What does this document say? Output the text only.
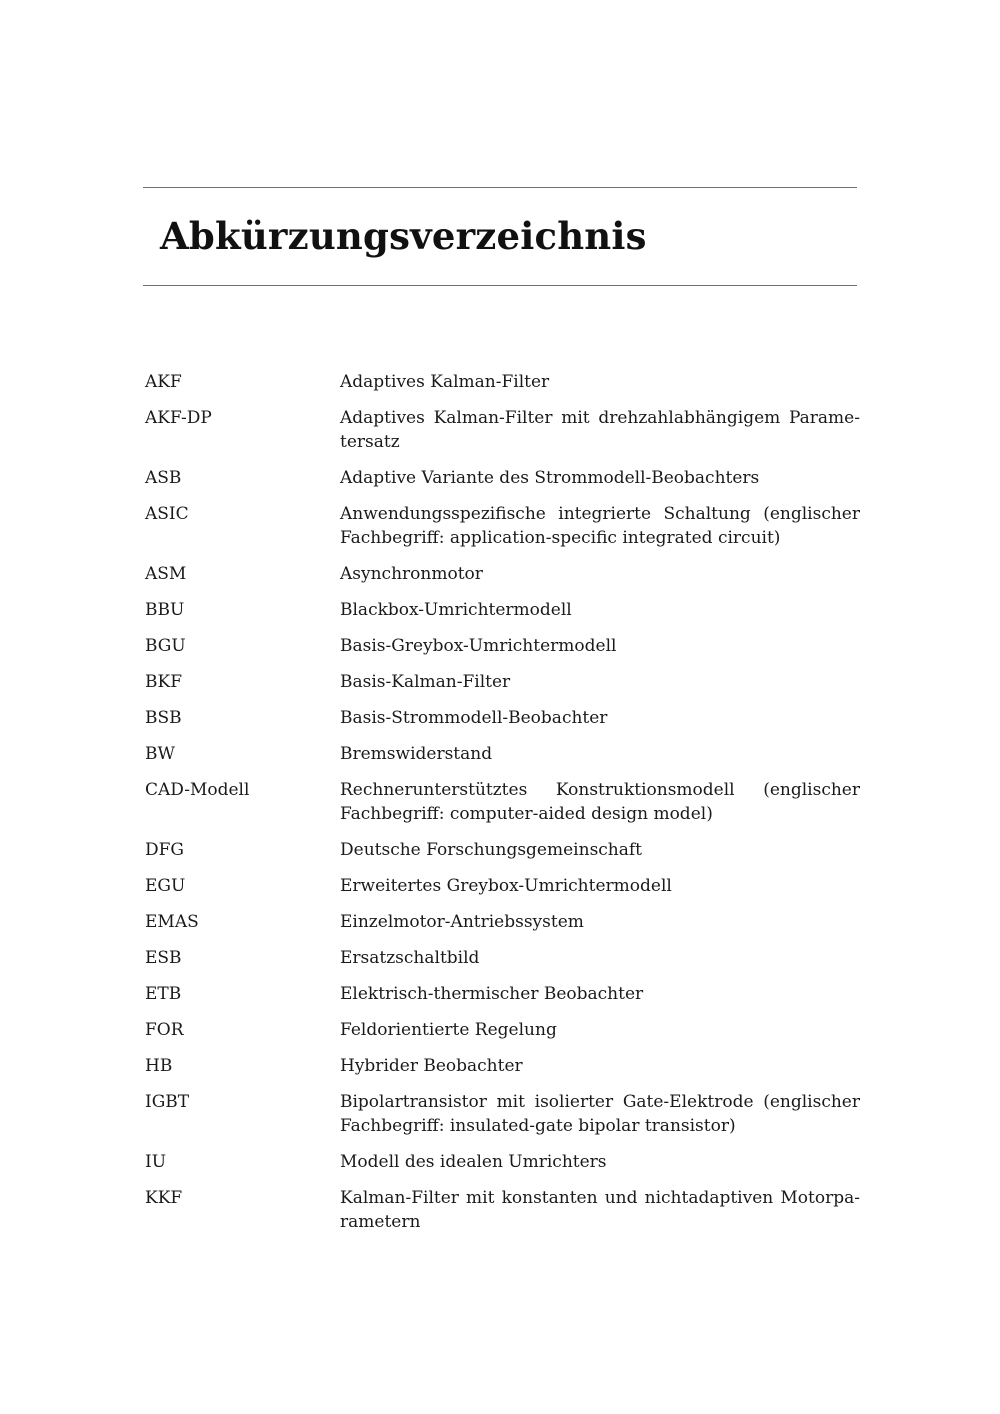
Abkürzungsverzeichnis
AKF	Adaptives Kalman-Filter
AKF-DP	Adaptives Kalman-Filter mit drehzahlabhängigem Parametersatz
ASB	Adaptive Variante des Strommodell-Beobachters
ASIC	Anwendungsspezifische integrierte Schaltung (englischer Fachbegriff: application-specific integrated circuit)
ASM	Asynchronmotor
BBU	Blackbox-Umrichtermodell
BGU	Basis-Greybox-Umrichtermodell
BKF	Basis-Kalman-Filter
BSB	Basis-Strommodell-Beobachter
BW	Bremswiderstand
CAD-Modell	Rechnerunterstütztes Konstruktionsmodell (englischer Fachbegriff: computer-aided design model)
DFG	Deutsche Forschungsgemeinschaft
EGU	Erweitertes Greybox-Umrichtermodell
EMAS	Einzelmotor-Antriebssystem
ESB	Ersatzschaltbild
ETB	Elektrisch-thermischer Beobachter
FOR	Feldorientierte Regelung
HB	Hybrider Beobachter
IGBT	Bipolartransistor mit isolierter Gate-Elektrode (englischer Fachbegriff: insulated-gate bipolar transistor)
IU	Modell des idealen Umrichters
KKF	Kalman-Filter mit konstanten und nichtadaptiven Motorparametern
